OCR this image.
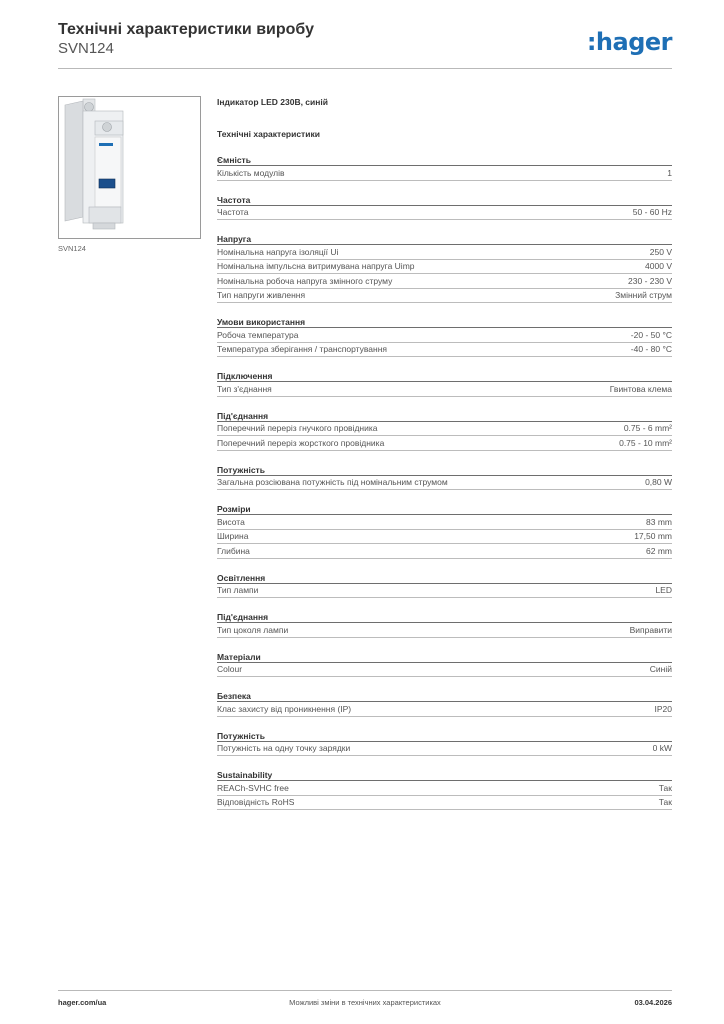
Технічні характеристики виробу
SVN124	:hager
SVN124
Індикатор LED 230В, синій
Технічні характеристики
Ємність
Кількість модулів	1
Частота
Частота	50 - 60 Hz
Напруга
Номінальна напруга ізоляції Ui	250 V
Номінальна імпульсна витримувана напруга Uimp	4000 V
Номінальна робоча напруга змінного струму	230 - 230 V
Тип напруги живлення	Змінний струм
Умови використання
Робоча температура	-20 - 50 °C
Температура зберігання / транспортування	-40 - 80 °C
Підключення
Тип з'єднання	Гвинтова клема
Під'єднання
Поперечний переріз гнучкого провідника	0.75 - 6 mm²
Поперечний переріз жорсткого провідника	0.75 - 10 mm²
Потужність
Загальна розсіювана потужність під номінальним струмом	0,80 W
Розміри
Висота	83 mm
Ширина	17,50 mm
Глибина	62 mm
Освітлення
Тип лампи	LED
Під'єднання
Тип цоколя лампи	Виправити
Матеріали
Colour	Синій
Безпека
Клас захисту від проникнення (IP)	IP20
Потужність
Потужність на одну точку зарядки	0 kW
Sustainability
REACh-SVHC free	Так
Відповідність RoHS	Так
hager.com/ua	Можливі зміни в технічних характеристиках	03.04.2026
